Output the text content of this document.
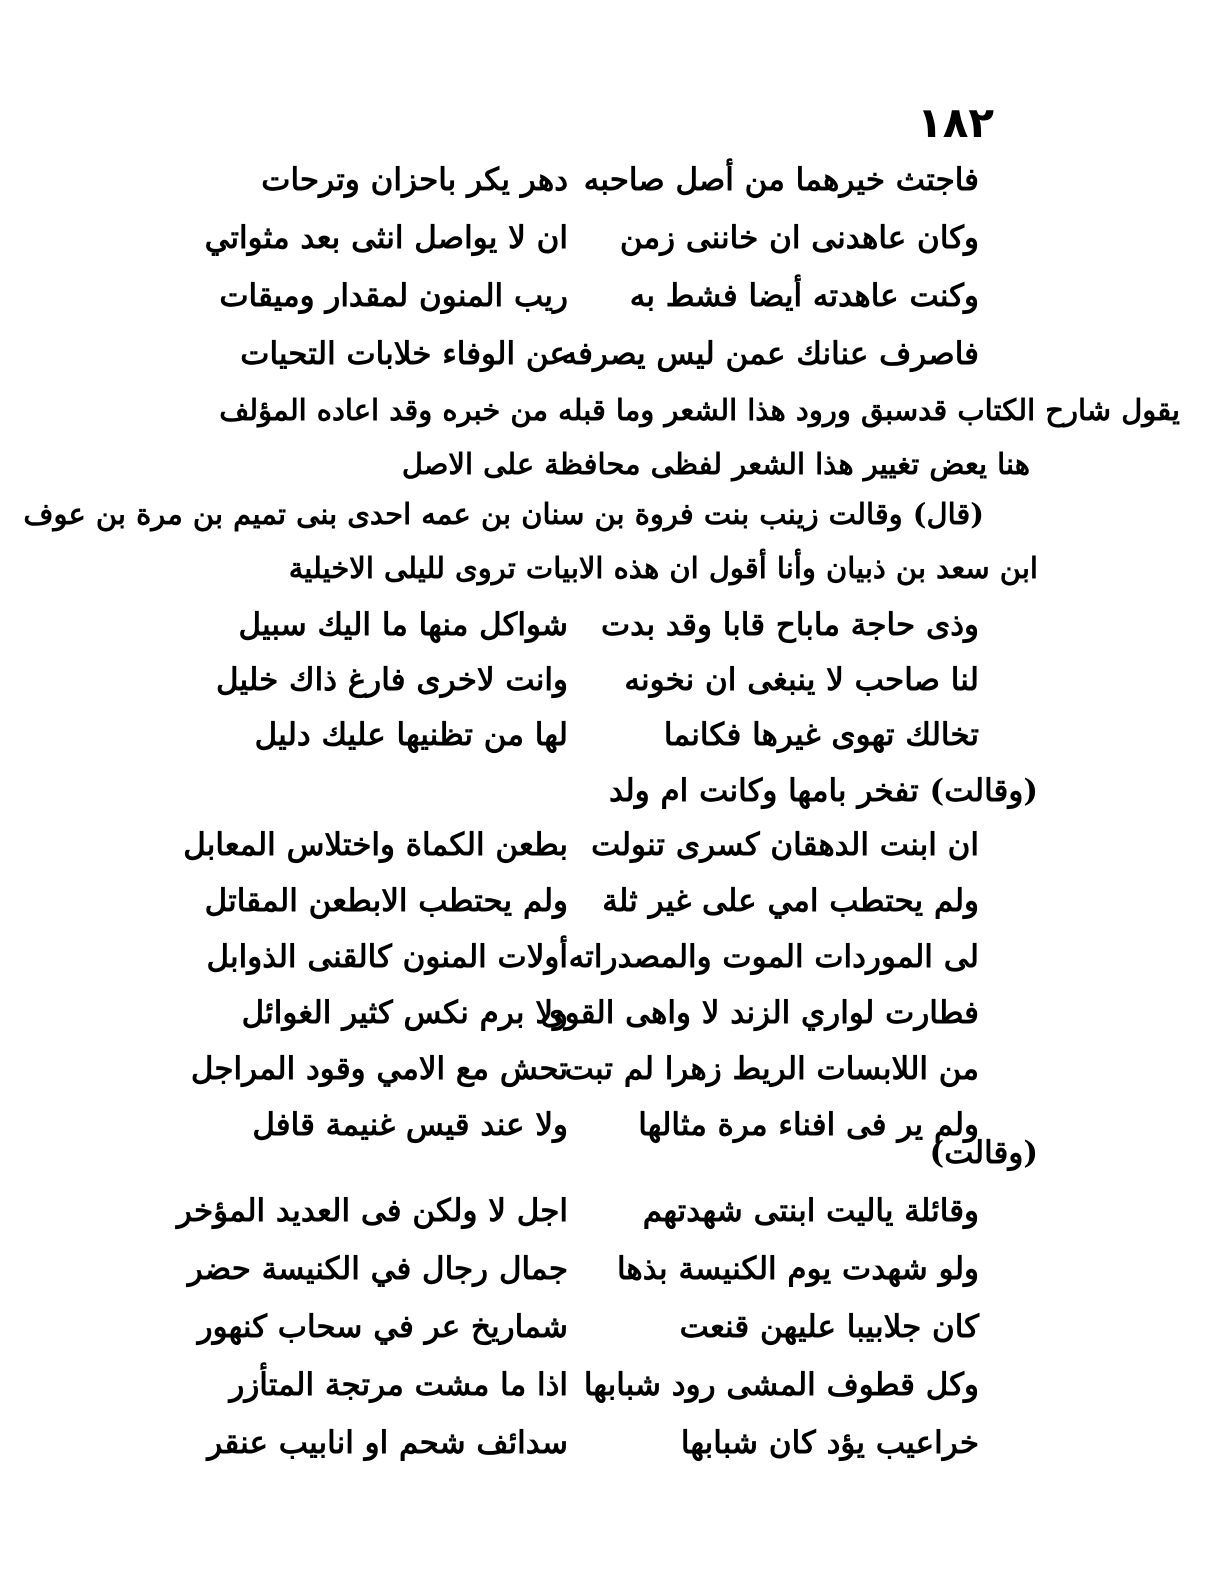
١٨٢
فاجتث خيرهما من أصل صاحبه
دهر يكر باحزان وترحات
وكان عاهدنى ان خاننى زمن
ان لا يواصل انثى بعد مثواتي
وكنت عاهدته أيضا فشط به
ريب المنون لمقدار وميقات
فاصرف عنانك عمن ليس يصرفه
عن الوفاء خلابات التحيات
يقول شارح الكتاب قدسبق ورود هذا الشعر وما قبله من خبره وقد اعاده المؤلف
هنا يعض تغيير هذا الشعر لفظى محافظة على الاصل
(قال) وقالت زينب بنت فروة بن سنان بن عمه احدى بنى تميم بن مرة بن عوف
ابن سعد بن ذبيان وأنا أقول ان هذه الابيات تروى لليلى الاخيلية
وذى حاجة ماباح قابا وقد بدت
شواكل منها ما اليك سبيل
لنا صاحب لا ينبغى ان نخونه
وانت لاخرى فارغ ذاك خليل
تخالك تهوى غيرها فكانما
لها من تظنيها عليك دليل
(وقالت) تفخر بامها وكانت ام ولد
ان ابنت الدهقان كسرى تنولت
بطعن الكماة واختلاس المعابل
ولم يحتطب امي على غير ثلة
ولم يحتطب الابطعن المقاتل
لى الموردات الموت والمصدراته
أولات المنون كالقنى الذوابل
فطارت لواري الزند لا واهى القوى
ولا برم نكس كثير الغوائل
من اللابسات الريط زهرا لم تبت
تحش مع الامي وقود المراجل
ولم ير فى افناء مرة مثالها
ولا عند قيس غنيمة قافل
(وقالت)
وقائلة ياليت ابنتى شهدتهم
اجل لا ولكن فى العديد المؤخر
ولو شهدت يوم الكنيسة بذها
جمال رجال في الكنيسة حضر
كان جلابيبا عليهن قنعت
شماريخ عر في سحاب كنهور
وكل قطوف المشى رود شبابها
اذا ما مشت مرتجة المتأزر
خراعيب يؤد كان شبابها
سدائف شحم او انابيب عنقر
